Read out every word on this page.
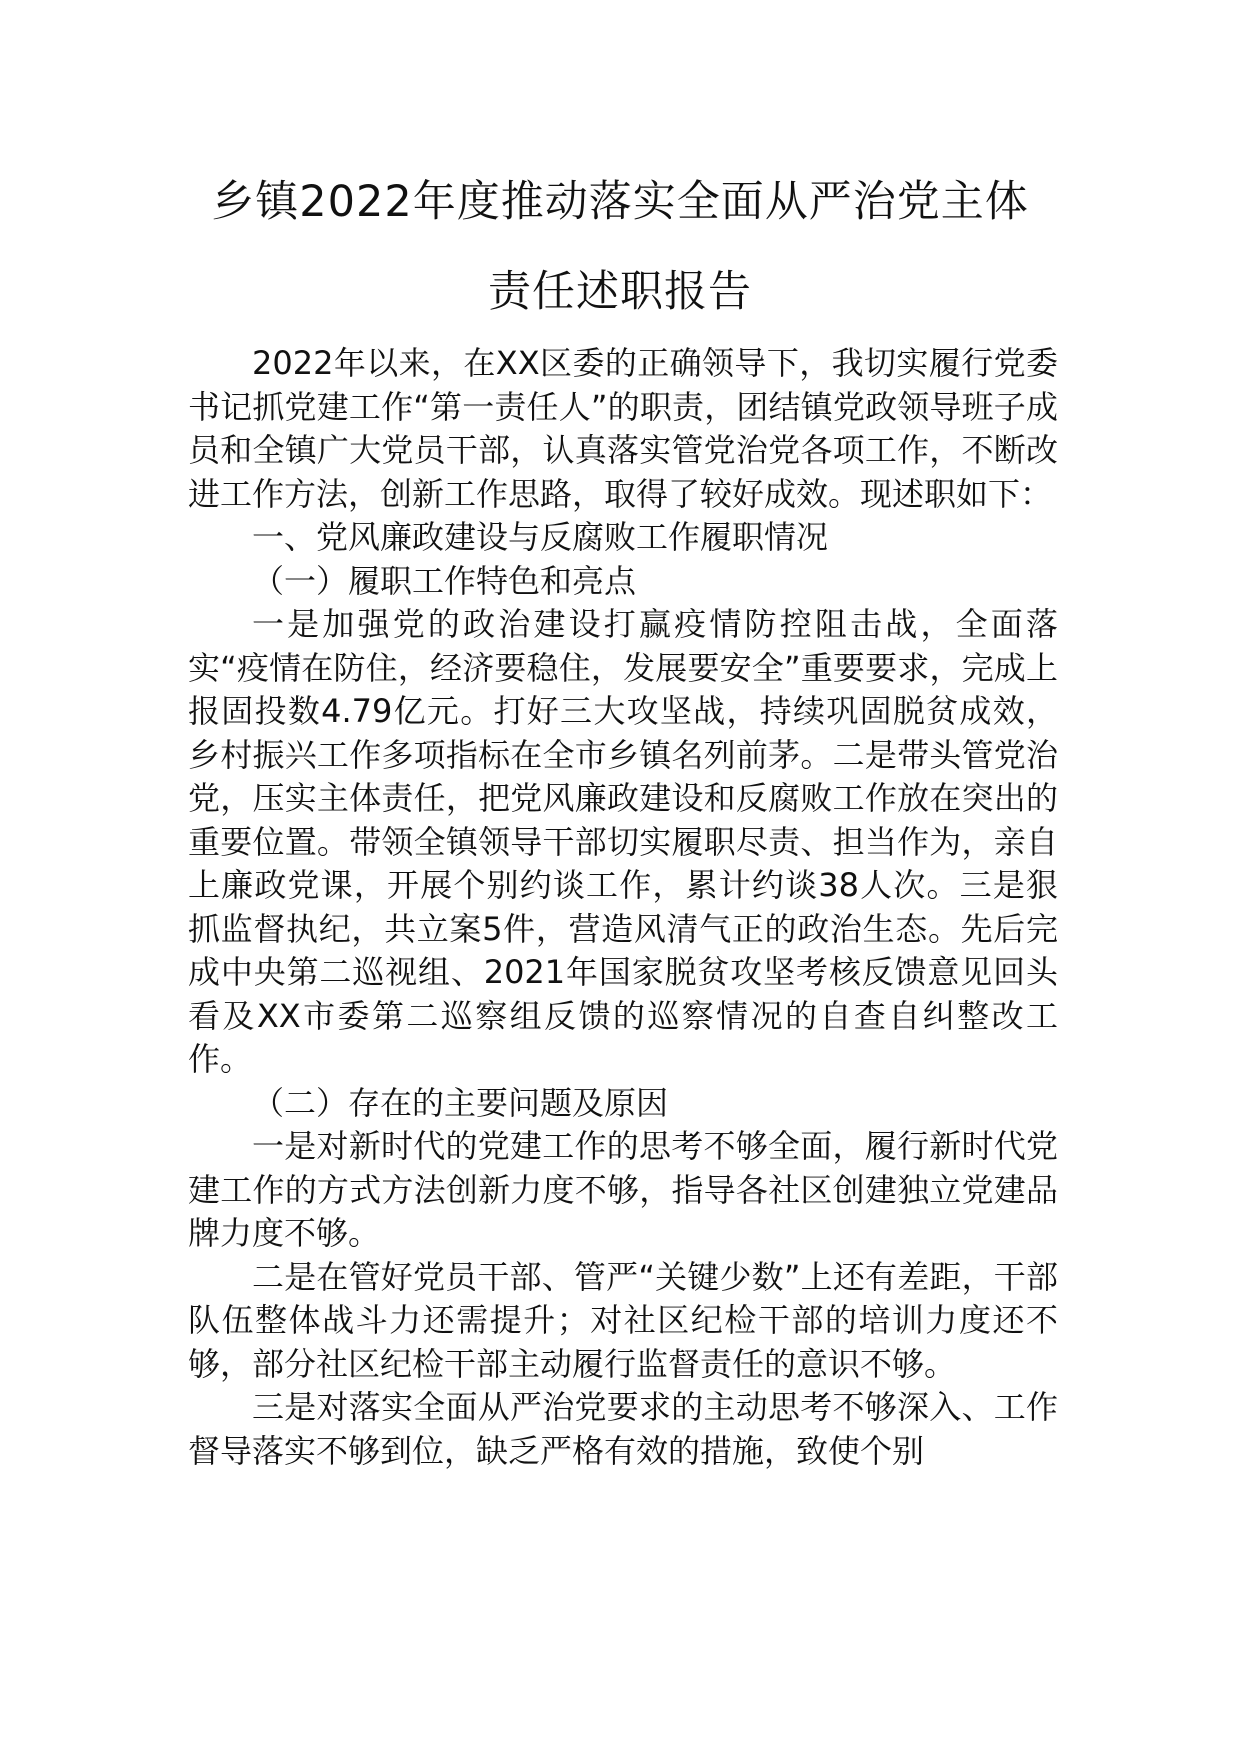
乡镇2022年度推动落实全面从严治党主体
责任述职报告

2022年以来，在XX区委的正确领导下，我切实履行党委书记抓党建工作“第一责任人”的职责，团结镇党政领导班子成员和全镇广大党员干部，认真落实管党治党各项工作，不断改进工作方法，创新工作思路，取得了较好成效。现述职如下：

一、党风廉政建设与反腐败工作履职情况

（一）履职工作特色和亮点

一是加强党的政治建设打赢疫情防控阻击战，全面落实“疫情在防住，经济要稳住，发展要安全”重要要求，完成上报固投数4.79亿元。打好三大攻坚战，持续巩固脱贫成效，乡村振兴工作多项指标在全市乡镇名列前茅。二是带头管党治党，压实主体责任，把党风廉政建设和反腐败工作放在突出的重要位置。带领全镇领导干部切实履职尽责、担当作为，亲自上廉政党课，开展个别约谈工作，累计约谈38人次。三是狠抓监督执纪，共立案5件，营造风清气正的政治生态。先后完成中央第二巡视组、2021年国家脱贫攻坚考核反馈意见回头看及XX市委第二巡察组反馈的巡察情况的自查自纠整改工作。

（二）存在的主要问题及原因

一是对新时代的党建工作的思考不够全面，履行新时代党建工作的方式方法创新力度不够，指导各社区创建独立党建品牌力度不够。

二是在管好党员干部、管严“关键少数”上还有差距，干部队伍整体战斗力还需提升；对社区纪检干部的培训力度还不够，部分社区纪检干部主动履行监督责任的意识不够。

三是对落实全面从严治党要求的主动思考不够深入、工作督导落实不够到位，缺乏严格有效的措施，致使个别
